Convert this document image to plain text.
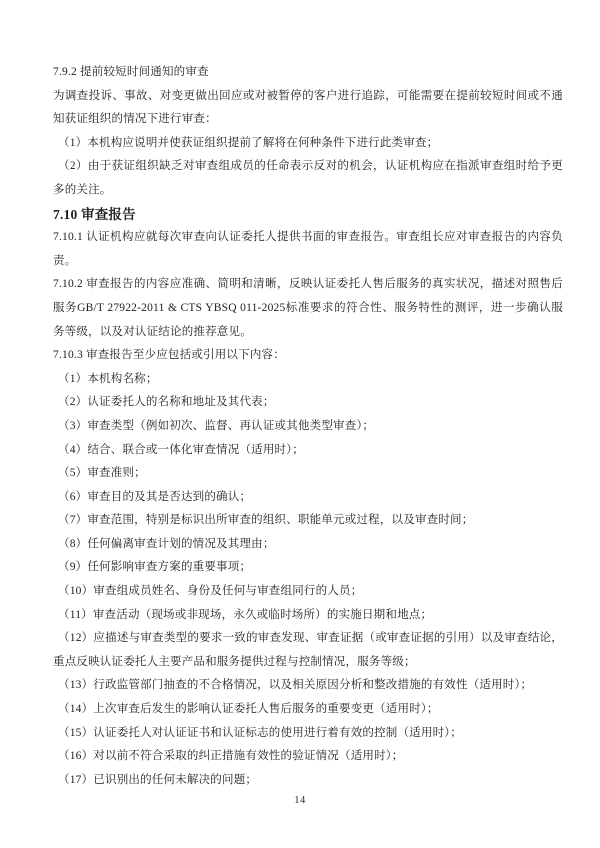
7.9.2 提前较短时间通知的审查
为调查投诉、事故、对变更做出回应或对被暂停的客户进行追踪，可能需要在提前较短时间或不通知获证组织的情况下进行审查：
（1）本机构应说明并使获证组织提前了解将在何种条件下进行此类审查；
（2）由于获证组织缺乏对审查组成员的任命表示反对的机会，认证机构应在指派审查组时给予更多的关注。
7.10 审查报告
7.10.1 认证机构应就每次审查向认证委托人提供书面的审查报告。审查组长应对审查报告的内容负责。
7.10.2 审查报告的内容应准确、简明和清晰，反映认证委托人售后服务的真实状况，描述对照售后服务GB/T 27922-2011 & CTS YBSQ 011-2025标准要求的符合性、服务特性的测评，进一步确认服务等级，以及对认证结论的推荐意见。
7.10.3 审查报告至少应包括或引用以下内容：
（1）本机构名称；
（2）认证委托人的名称和地址及其代表；
（3）审查类型（例如初次、监督、再认证或其他类型审查）；
（4）结合、联合或一体化审查情况（适用时）；
（5）审查准则；
（6）审查目的及其是否达到的确认；
（7）审查范围，特别是标识出所审查的组织、职能单元或过程，以及审查时间；
（8）任何偏离审查计划的情况及其理由；
（9）任何影响审查方案的重要事项；
（10）审查组成员姓名、身份及任何与审查组同行的人员；
（11）审查活动（现场或非现场，永久或临时场所）的实施日期和地点；
（12）应描述与审查类型的要求一致的审查发现、审查证据（或审查证据的引用）以及审查结论，重点反映认证委托人主要产品和服务提供过程与控制情况，服务等级；
（13）行政监管部门抽查的不合格情况，以及相关原因分析和整改措施的有效性（适用时）；
（14）上次审查后发生的影响认证委托人售后服务的重要变更（适用时）；
（15）认证委托人对认证证书和认证标志的使用进行着有效的控制（适用时）；
（16）对以前不符合采取的纠正措施有效性的验证情况（适用时）；
（17）已识别出的任何未解决的问题；
14
